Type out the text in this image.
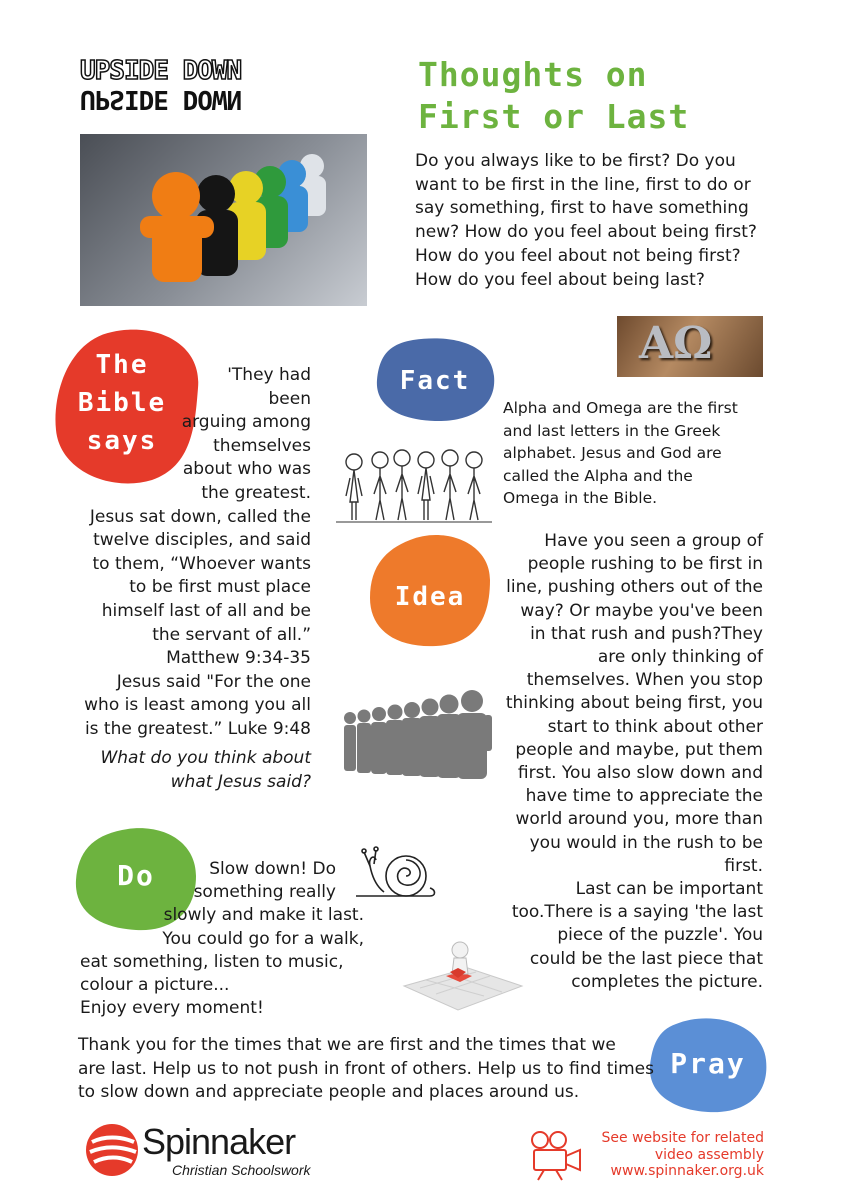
UPSIDE DOWN
UPSIDE DOWN
Thoughts on
First or Last
Do you always like to be first? Do you
want to be first in the line, first to do or
say something, first to have something
new? How do you feel about being first?
How do you feel about not being first?
How do you feel about being last?
AΩ
The
Bible
says
'They had
been
arguing among
themselves
about who was
the greatest.
Jesus sat down, called the
twelve disciples, and said
to them, “Whoever wants
to be first must place
himself last of all and be
the servant of all.”
Matthew 9:34-35
Jesus said "For the one
who is least among you all
is the greatest.” Luke 9:48
What do you think about
what Jesus said?
Fact
Alpha and Omega are the first
and last letters in the Greek
alphabet. Jesus and God are
called the Alpha and the
Omega in the Bible.
Idea
Have you seen a group of
people rushing to be first in
line, pushing others out of the
way? Or maybe you've been
in that rush and push?They
are only thinking of
themselves. When you stop
thinking about being first, you
start to think about other
people and maybe, put them
first. You also slow down and
have time to appreciate the
world around you, more than
you would in the rush to be
first.
Last can be important
too.There is a saying 'the last
piece of the puzzle'. You
could be the last piece that
completes the picture.
Do	Slow down! Do
something really
slowly and make it last.
You could go for a walk,
eat something, listen to music,
colour a picture...
Enjoy every moment!
Pray
Thank you for the times that we are first and the times that we
are last. Help us to not push in front of others. Help us to find times
to slow down and appreciate people and places around us.
Spinnaker
Christian Schoolswork
See website for related
video assembly
www.spinnaker.org.uk
